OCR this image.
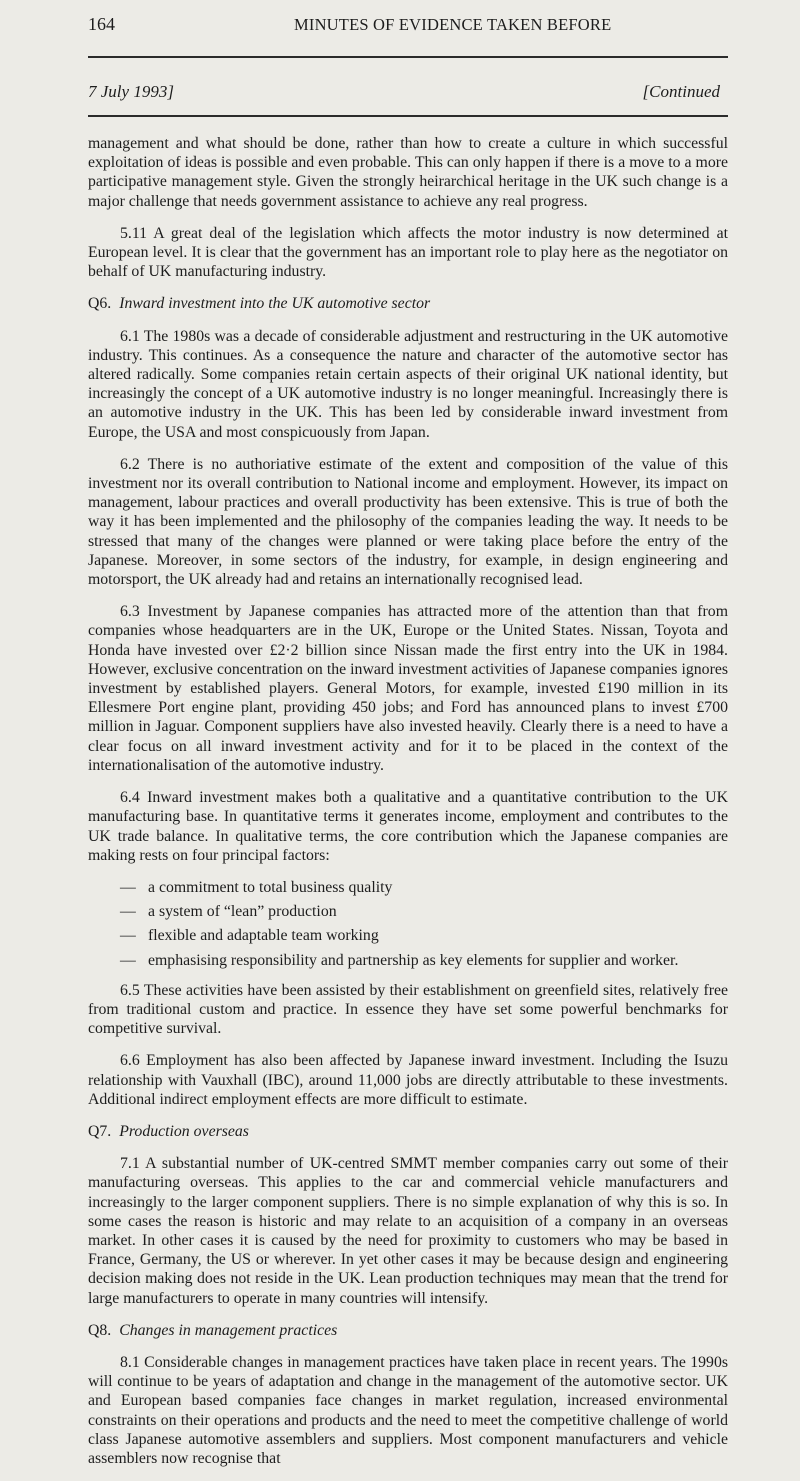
164	MINUTES OF EVIDENCE TAKEN BEFORE
7 July 1993]	[Continued

management and what should be done, rather than how to create a culture in which successful exploitation of ideas is possible and even probable. This can only happen if there is a move to a more participative management style. Given the strongly heirarchical heritage in the UK such change is a major challenge that needs government assistance to achieve any real progress.

5.11 A great deal of the legislation which affects the motor industry is now determined at European level. It is clear that the government has an important role to play here as the negotiator on behalf of UK manufacturing industry.

Q6. Inward investment into the UK automotive sector

6.1 The 1980s was a decade of considerable adjustment and restructuring in the UK automotive industry. This continues. As a consequence the nature and character of the automotive sector has altered radically. Some companies retain certain aspects of their original UK national identity, but increasingly the concept of a UK automotive industry is no longer meaningful. Increasingly there is an automotive industry in the UK. This has been led by considerable inward investment from Europe, the USA and most conspicuously from Japan.

6.2 There is no authoriative estimate of the extent and composition of the value of this investment nor its overall contribution to National income and employment. However, its impact on management, labour practices and overall productivity has been extensive. This is true of both the way it has been implemented and the philosophy of the companies leading the way. It needs to be stressed that many of the changes were planned or were taking place before the entry of the Japanese. Moreover, in some sectors of the industry, for example, in design engineering and motorsport, the UK already had and retains an internationally recognised lead.

6.3 Investment by Japanese companies has attracted more of the attention than that from companies whose headquarters are in the UK, Europe or the United States. Nissan, Toyota and Honda have invested over £2·2 billion since Nissan made the first entry into the UK in 1984. However, exclusive concentration on the inward investment activities of Japanese companies ignores investment by established players. General Motors, for example, invested £190 million in its Ellesmere Port engine plant, providing 450 jobs; and Ford has announced plans to invest £700 million in Jaguar. Component suppliers have also invested heavily. Clearly there is a need to have a clear focus on all inward investment activity and for it to be placed in the context of the internationalisation of the automotive industry.

6.4 Inward investment makes both a qualitative and a quantitative contribution to the UK manufacturing base. In quantitative terms it generates income, employment and contributes to the UK trade balance. In qualitative terms, the core contribution which the Japanese companies are making rests on four principal factors:

— a commitment to total business quality
— a system of “lean” production
— flexible and adaptable team working
— emphasising responsibility and partnership as key elements for supplier and worker.

6.5 These activities have been assisted by their establishment on greenfield sites, relatively free from traditional custom and practice. In essence they have set some powerful benchmarks for competitive survival.

6.6 Employment has also been affected by Japanese inward investment. Including the Isuzu relationship with Vauxhall (IBC), around 11,000 jobs are directly attributable to these investments. Additional indirect employment effects are more difficult to estimate.

Q7. Production overseas

7.1 A substantial number of UK-centred SMMT member companies carry out some of their manufacturing overseas. This applies to the car and commercial vehicle manufacturers and increasingly to the larger component suppliers. There is no simple explanation of why this is so. In some cases the reason is historic and may relate to an acquisition of a company in an overseas market. In other cases it is caused by the need for proximity to customers who may be based in France, Germany, the US or wherever. In yet other cases it may be because design and engineering decision making does not reside in the UK. Lean production techniques may mean that the trend for large manufacturers to operate in many countries will intensify.

Q8. Changes in management practices

8.1 Considerable changes in management practices have taken place in recent years. The 1990s will continue to be years of adaptation and change in the management of the automotive sector. UK and European based companies face changes in market regulation, increased environmental constraints on their operations and products and the need to meet the competitive challenge of world class Japanese automotive assemblers and suppliers. Most component manufacturers and vehicle assemblers now recognise that
